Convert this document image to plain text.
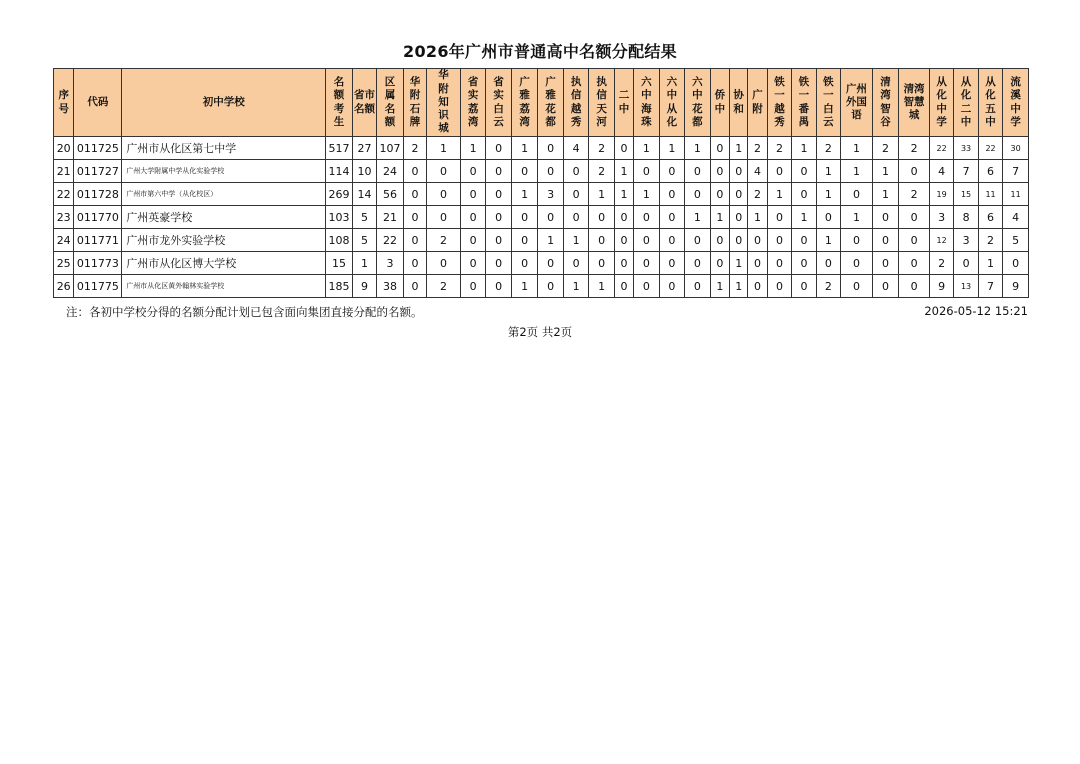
2026年广州市普通高中名额分配结果
序号	代码	初中学校	名额考生	省市名额	区属名额	华附石牌	华附知识城	省实荔湾	省实白云	广雅荔湾	广雅花都	执信越秀	执信天河	二中	六中海珠	六中从化	六中花都	侨中	协和	广附	铁一越秀	铁一番禺	铁一白云	广州外国语	清湾智谷	清湾智慧城	从化中学	从化二中	从化五中	流溪中学

20	011725	广州市从化区第七中学	517	27	107	2	1	1	0	1	0	4	2	0	1	1	1	0	1	2	2	1	2	1	2	2	22	33	22	30
21	011727	广州大学附属中学从化实验学校	114	10	24	0	0	0	0	0	0	0	2	1	0	0	0	0	0	4	0	0	1	1	1	0	4	7	6	7
22	011728	广州市第六中学（从化校区）	269	14	56	0	0	0	0	1	3	0	1	1	1	0	0	0	0	2	1	0	1	0	1	2	19	15	11	11
23	011770	广州英豪学校	103	5	21	0	0	0	0	0	0	0	0	0	0	0	1	1	0	1	0	1	0	1	0	0	3	8	6	4
24	011771	广州市龙外实验学校	108	5	22	0	2	0	0	0	1	1	0	0	0	0	0	0	0	0	0	0	1	0	0	0	12	3	2	5
25	011773	广州市从化区博大学校	15	1	3	0	0	0	0	0	0	0	0	0	0	0	0	0	1	0	0	0	0	0	0	0	2	0	1	0
26	011775	广州市从化区黄外翰林实验学校	185	9	38	0	2	0	0	1	0	1	1	0	0	0	0	1	1	0	0	0	2	0	0	0	9	13	7	9
注：各初中学校分得的名额分配计划已包含面向集团直接分配的名额。	2026-05-12 15:21
第2页 共2页
